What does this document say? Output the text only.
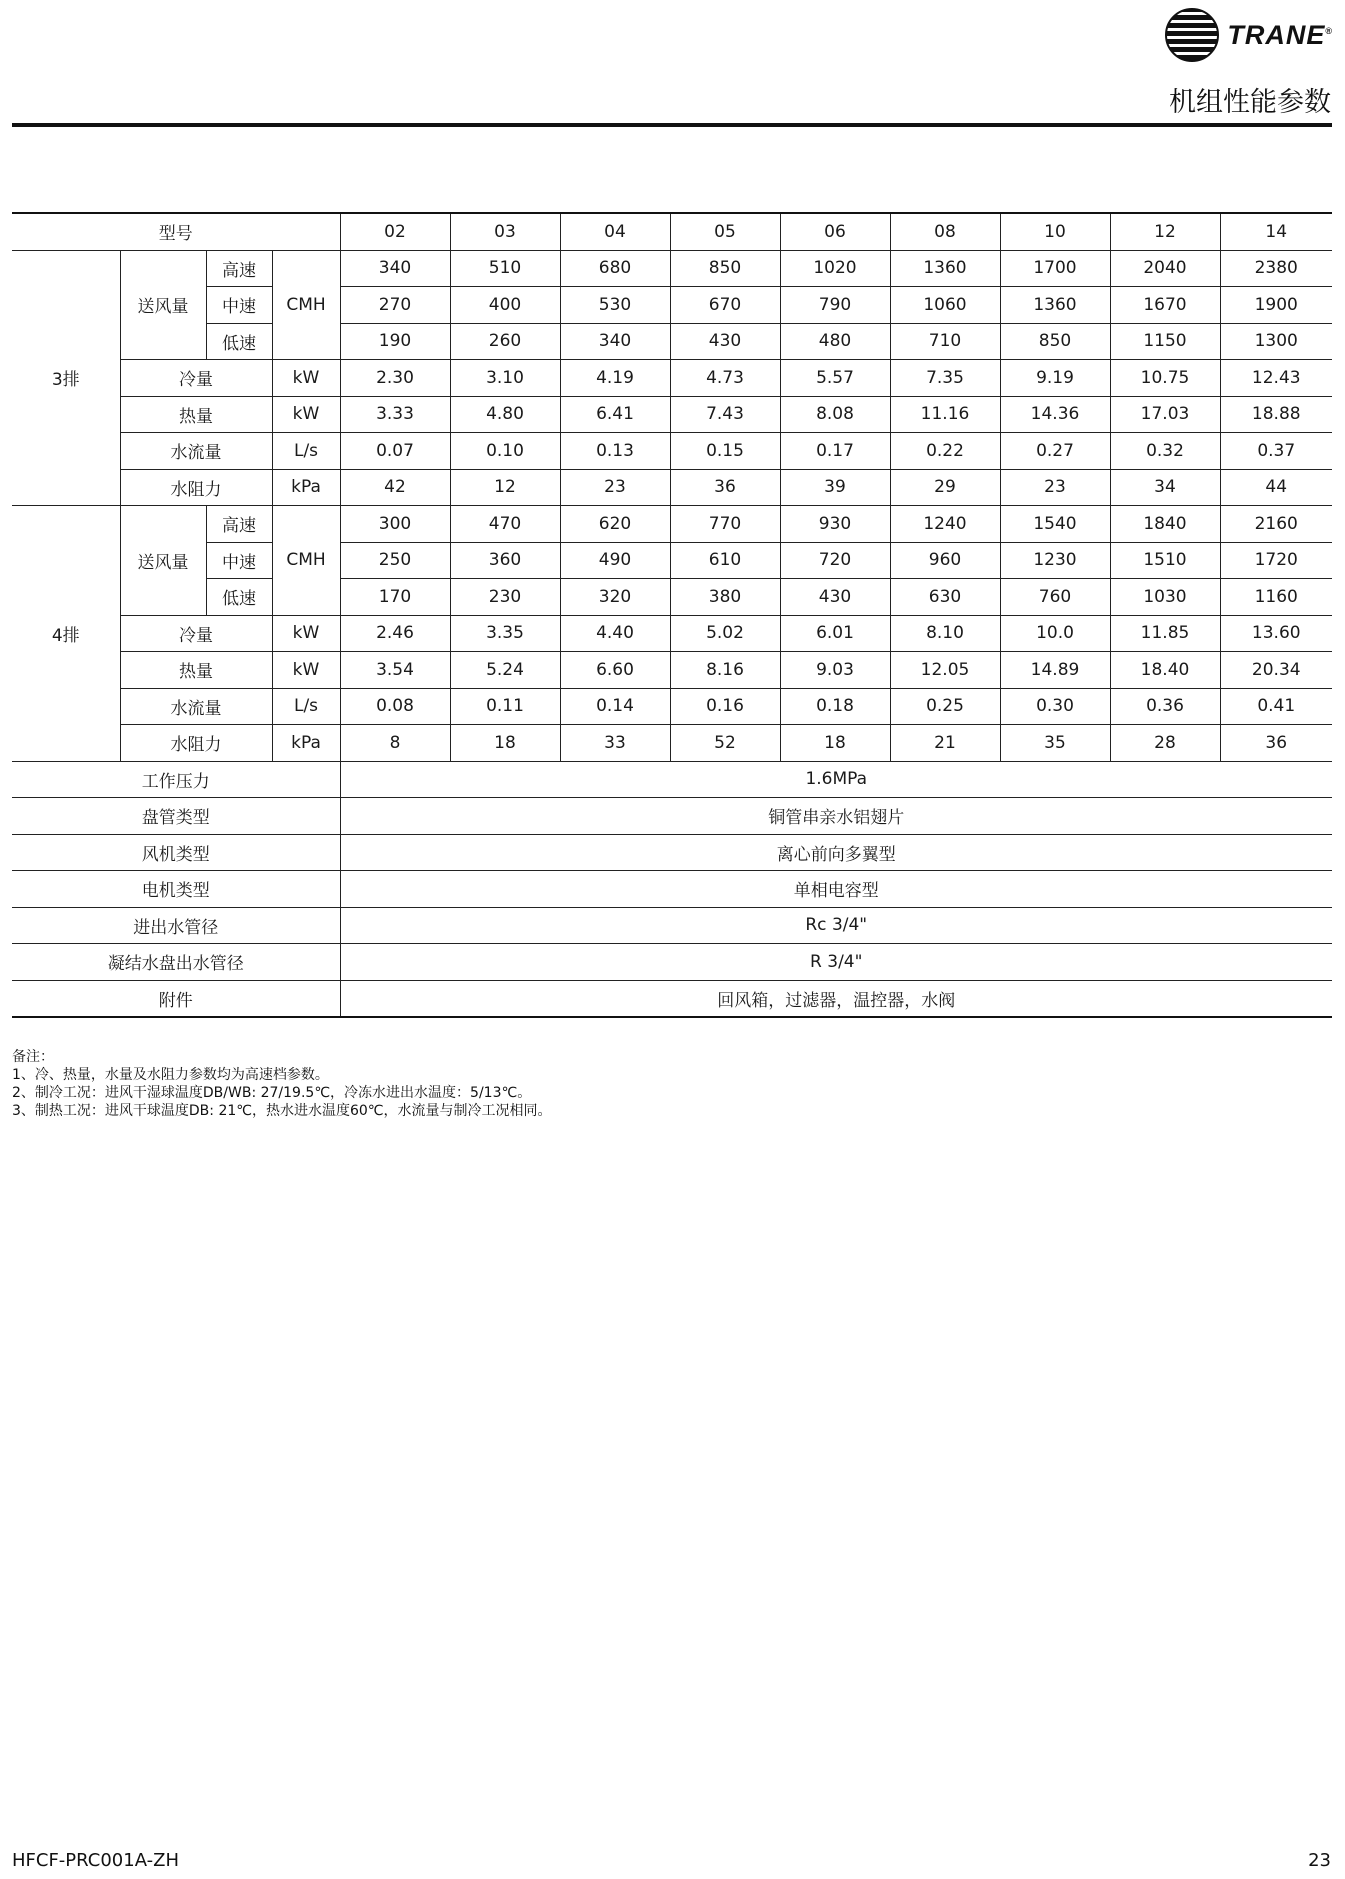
TRANE®
机组性能参数
型号				02	03	04	05	06	08	10	12	14
3排	送风量	高速	CMH	340	510	680	850	1020	1360	1700	2040	2380
		中速		270	400	530	670	790	1060	1360	1670	1900
		低速		190	260	340	430	480	710	850	1150	1300
	冷量		kW	2.30	3.10	4.19	4.73	5.57	7.35	9.19	10.75	12.43
	热量		kW	3.33	4.80	6.41	7.43	8.08	11.16	14.36	17.03	18.88
	水流量		L/s	0.07	0.10	0.13	0.15	0.17	0.22	0.27	0.32	0.37
	水阻力		kPa	42	12	23	36	39	29	23	34	44
4排	送风量	高速	CMH	300	470	620	770	930	1240	1540	1840	2160
		中速		250	360	490	610	720	960	1230	1510	1720
		低速		170	230	320	380	430	630	760	1030	1160
	冷量		kW	2.46	3.35	4.40	5.02	6.01	8.10	10.0	11.85	13.60
	热量		kW	3.54	5.24	6.60	8.16	9.03	12.05	14.89	18.40	20.34
	水流量		L/s	0.08	0.11	0.14	0.16	0.18	0.25	0.30	0.36	0.41
	水阻力		kPa	8	18	33	52	18	21	35	28	36
工作压力				1.6MPa								
盘管类型				铜管串亲水铝翅片								
风机类型				离心前向多翼型								
电机类型				单相电容型								
进出水管径				Rc 3/4"								
凝结水盘出水管径				R 3/4"								
附件				回风箱，过滤器，温控器，水阀								
备注：
1、冷、热量，水量及水阻力参数均为高速档参数。
2、制冷工况：进风干湿球温度DB/WB: 27/19.5℃，冷冻水进出水温度：5/13℃。
3、制热工况：进风干球温度DB: 21℃，热水进水温度60℃，水流量与制冷工况相同。
HFCF-PRC001A-ZH	23
